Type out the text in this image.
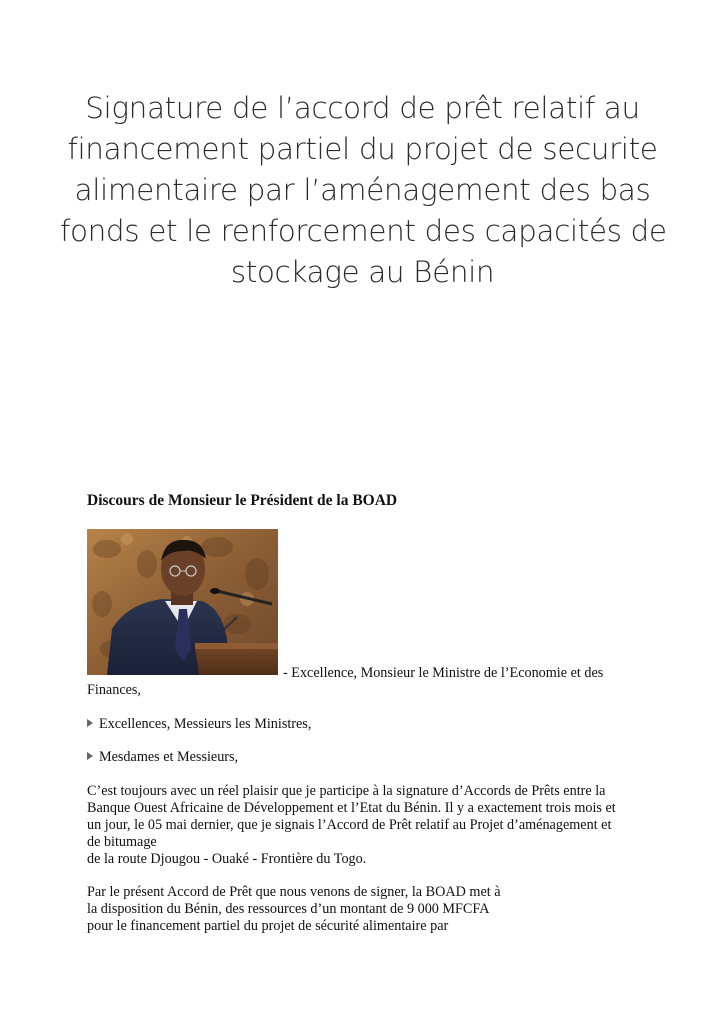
Signature de l’accord de prêt relatif au
financement partiel du projet de securite
alimentaire par l’aménagement des bas
fonds et le renforcement des capacités de
stockage au Bénin
Discours de Monsieur le Président de la BOAD
- Excellence, Monsieur le Ministre de l’Economie et des
Finances,
Excellences, Messieurs les Ministres,
Mesdames et Messieurs,
C’est toujours avec un réel plaisir que je participe à la signature d’Accords de Prêts entre la
Banque Ouest Africaine de Développement et l’Etat du Bénin. Il y a exactement trois mois et
un jour, le 05 mai dernier, que je signais l’Accord de Prêt relatif au Projet d’aménagement et
de bitumage
de la route Djougou - Ouaké - Frontière du Togo.
Par le présent Accord de Prêt que nous venons de signer, la BOAD met à
la disposition du Bénin, des ressources d’un montant de 9 000 MFCFA
pour le financement partiel du projet de sécurité alimentaire par
